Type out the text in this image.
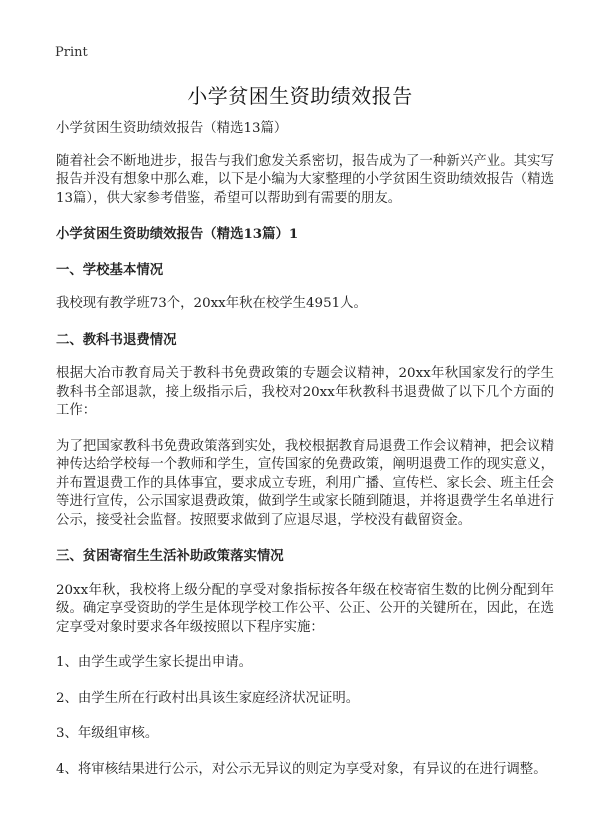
Print
小学贫困生资助绩效报告

小学贫困生资助绩效报告（精选13篇）

随着社会不断地进步，报告与我们愈发关系密切，报告成为了一种新兴产业。其实写报告并没有想象中那么难，以下是小编为大家整理的小学贫困生资助绩效报告（精选13篇），供大家参考借鉴，希望可以帮助到有需要的朋友。

小学贫困生资助绩效报告（精选13篇）1

一、学校基本情况

我校现有教学班73个，20xx年秋在校学生4951人。

二、教科书退费情况

根据大冶市教育局关于教科书免费政策的专题会议精神，20xx年秋国家发行的学生教科书全部退款，接上级指示后，我校对20xx年秋教科书退费做了以下几个方面的工作：

为了把国家教科书免费政策落到实处，我校根据教育局退费工作会议精神，把会议精神传达给学校每一个教师和学生，宣传国家的免费政策，阐明退费工作的现实意义，并布置退费工作的具体事宜，要求成立专班，利用广播、宣传栏、家长会、班主任会等进行宣传，公示国家退费政策，做到学生或家长随到随退，并将退费学生名单进行公示，接受社会监督。按照要求做到了应退尽退，学校没有截留资金。

三、贫困寄宿生生活补助政策落实情况

20xx年秋，我校将上级分配的享受对象指标按各年级在校寄宿生数的比例分配到年级。确定享受资助的学生是体现学校工作公平、公正、公开的关键所在，因此，在选定享受对象时要求各年级按照以下程序实施：

1、由学生或学生家长提出申请。

2、由学生所在行政村出具该生家庭经济状况证明。

3、年级组审核。

4、将审核结果进行公示，对公示无异议的则定为享受对象，有异议的在进行调整。
